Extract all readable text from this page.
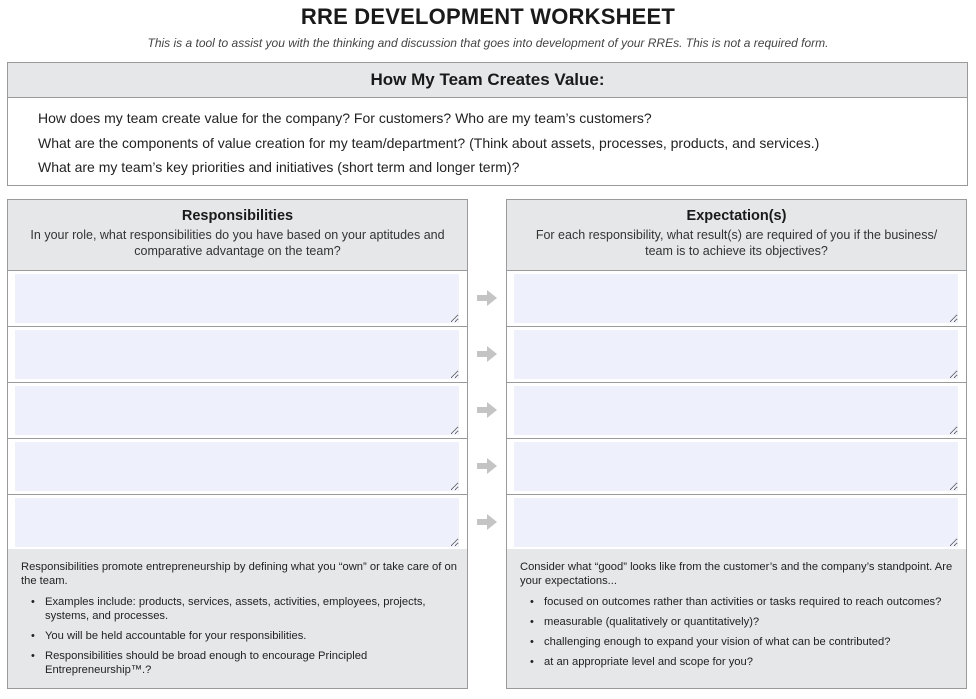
RRE DEVELOPMENT WORKSHEET
This is a tool to assist you with the thinking and discussion that goes into development of your RREs. This is not a required form.
How My Team Creates Value:
How does my team create value for the company? For customers? Who are my team’s customers?
What are the components of value creation for my team/department? (Think about assets, processes, products, and services.)
What are my team’s key priorities and initiatives (short term and longer term)?
Responsibilities
In your role, what responsibilities do you have based on your aptitudes and comparative advantage on the team?
Responsibilities promote entrepreneurship by defining what you “own” or take care of on the team.
• Examples include: products, services, assets, activities, employees, projects, systems, and processes.
• You will be held accountable for your responsibilities.
• Responsibilities should be broad enough to encourage Principled Entrepreneurship™.?
Expectation(s)
For each responsibility, what result(s) are required of you if the business/ team is to achieve its objectives?
Consider what “good” looks like from the customer’s and the company’s standpoint. Are your expectations...
• focused on outcomes rather than activities or tasks required to reach outcomes?
• measurable (qualitatively or quantitatively)?
• challenging enough to expand your vision of what can be contributed?
• at an appropriate level and scope for you?
